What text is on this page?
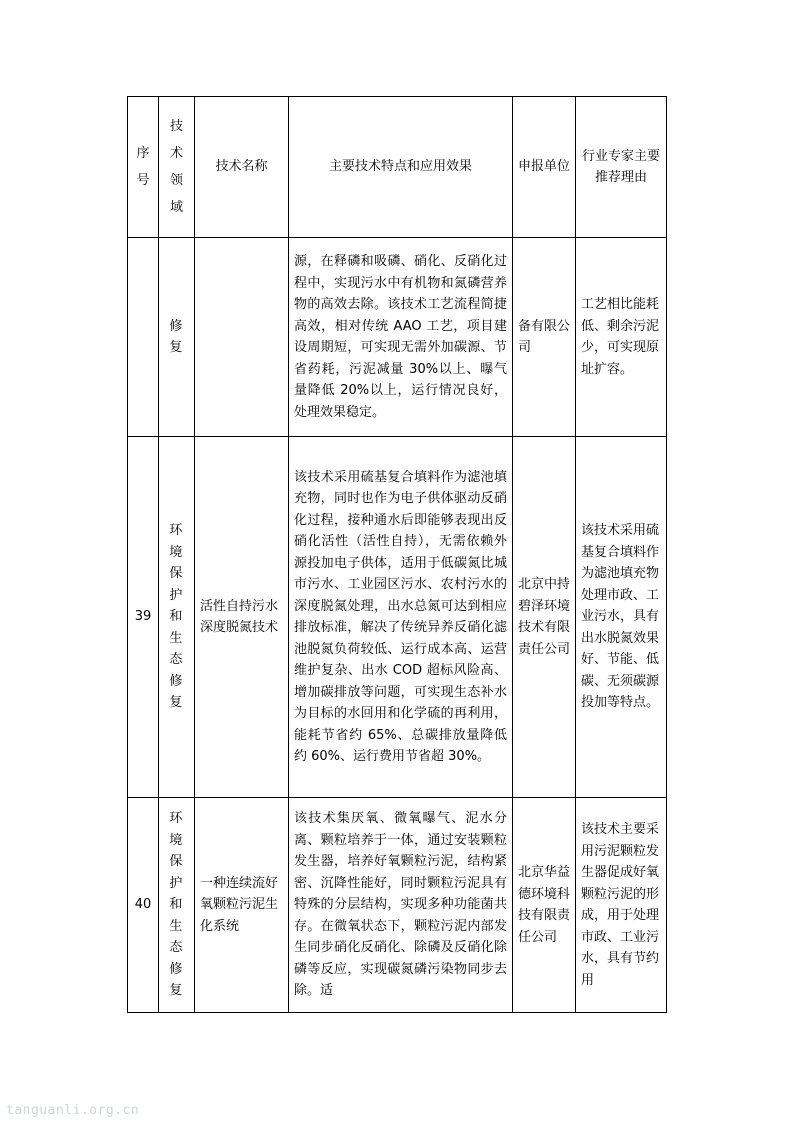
序号	技术领域	技术名称	主要技术特点和应用效果	申报单位	行业专家主要推荐理由

	修复		源，在释磷和吸磷、硝化、反硝化过程中，实现污水中有机物和氮磷营养物的高效去除。该技术工艺流程简捷高效，相对传统 AAO 工艺，项目建设周期短，可实现无需外加碳源、节省药耗，污泥减量 30%以上、曝气量降低 20%以上，运行情况良好，处理效果稳定。	备有限公司	工艺相比能耗低、剩余污泥少，可实现原址扩容。
39	环境保护和生态修复	活性自持污水深度脱氮技术	该技术采用硫基复合填料作为滤池填充物，同时也作为电子供体驱动反硝化过程，接种通水后即能够表现出反硝化活性（活性自持），无需依赖外源投加电子供体，适用于低碳氮比城市污水、工业园区污水、农村污水的深度脱氮处理，出水总氮可达到相应排放标准，解决了传统异养反硝化滤池脱氮负荷较低、运行成本高、运营维护复杂、出水 COD 超标风险高、增加碳排放等问题，可实现生态补水为目标的水回用和化学硫的再利用，能耗节省约 65%、总碳排放量降低约 60%、运行费用节省超 30%。	北京中持碧泽环境技术有限责任公司	该技术采用硫基复合填料作为滤池填充物处理市政、工业污水，具有出水脱氮效果好、节能、低碳、无须碳源投加等特点。
40	环境保护和生态修复	一种连续流好氧颗粒污泥生化系统	该技术集厌氧、微氧曝气、泥水分离、颗粒培养于一体，通过安装颗粒发生器，培养好氧颗粒污泥，结构紧密、沉降性能好，同时颗粒污泥具有特殊的分层结构，实现多种功能菌共存。在微氧状态下，颗粒污泥内部发生同步硝化反硝化、除磷及反硝化除磷等反应，实现碳氮磷污染物同步去除。适	北京华益德环境科技有限责任公司	该技术主要采用污泥颗粒发生器促成好氧颗粒污泥的形成，用于处理市政、工业污水，具有节约用
tanguanli.org.cn
